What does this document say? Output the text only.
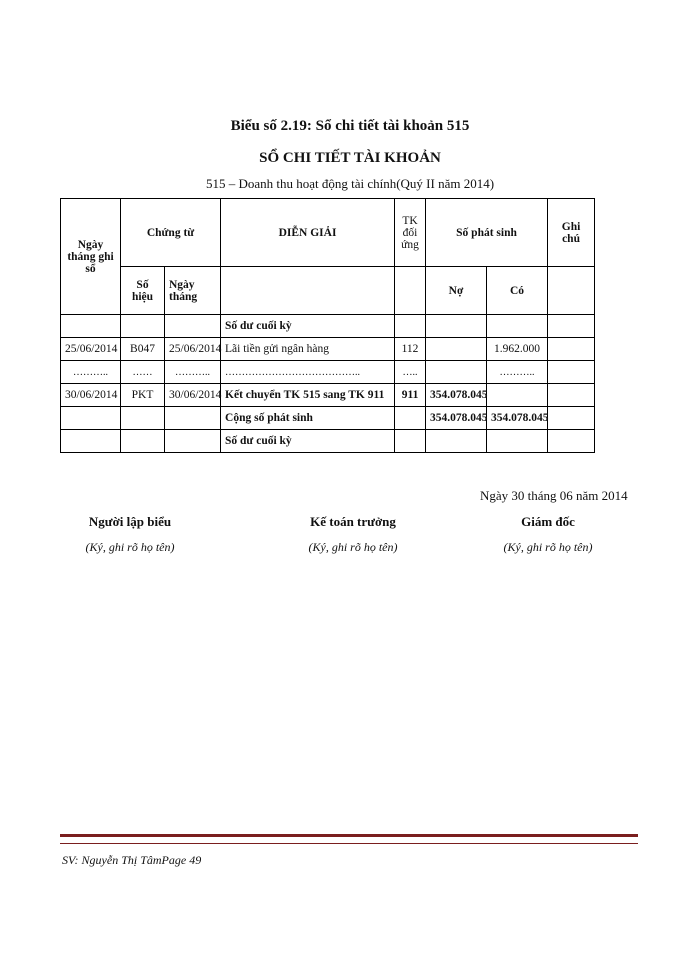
Biểu số 2.19: Sổ chi tiết tài khoản 515
SỔ CHI TIẾT TÀI KHOẢN
515 – Doanh thu hoạt động tài chính(Quý II năm 2014)
Ngày tháng ghi sổ	Chứng từ		DIỄN GIẢI	TK đối ứng	Số phát sinh		Ghi chú
	Số hiệu	Ngày tháng			Nợ	Có	
			Số dư cuối kỳ				
25/06/2014	B047	25/06/2014	Lãi tiền gửi ngân hàng	112		1.962.000	
………..	……	………..	…………………………………..	…..		………..	
30/06/2014	PKT	30/06/2014	Kết chuyển TK 515 sang TK 911	911	354.078.045		
			Cộng số phát sinh		354.078.045	354.078.045	
			Số dư cuối kỳ				
Ngày 30 tháng 06 năm 2014
Người lập biểu
(Ký, ghi rõ họ tên)
Kế toán trưởng
(Ký, ghi rõ họ tên)
Giám đốc
(Ký, ghi rõ họ tên)
SV: Nguyễn Thị TâmPage 49
